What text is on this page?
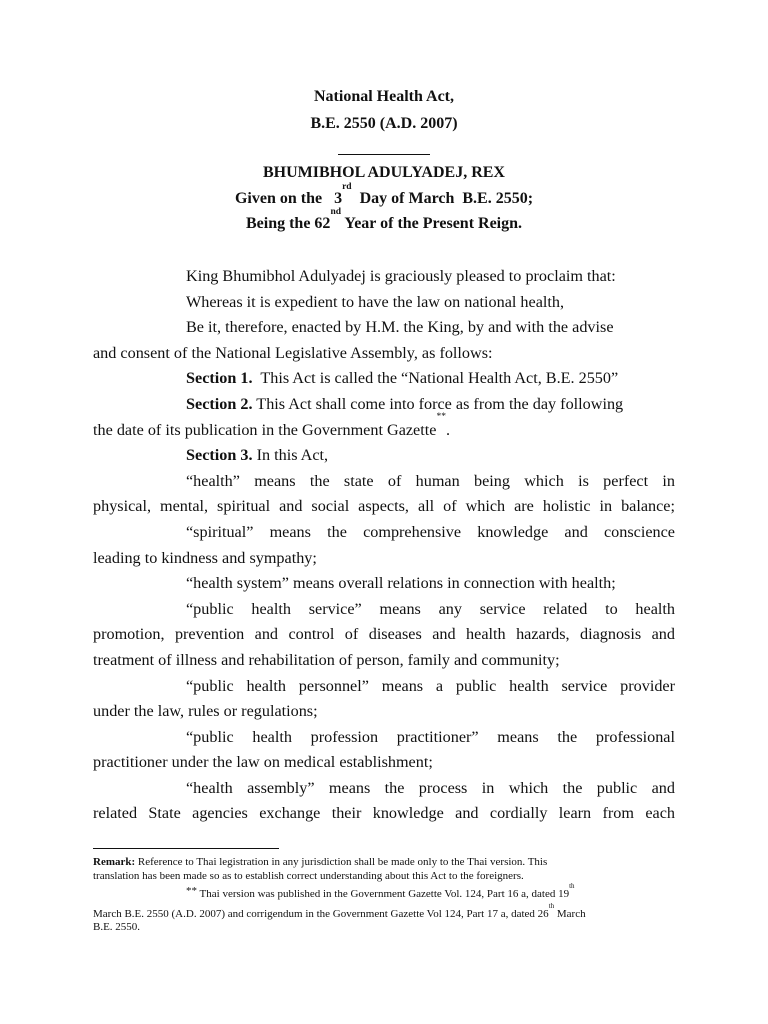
National Health Act,
B.E. 2550 (A.D. 2007)
BHUMIBHOL ADULYADEJ, REX
Given on the   3rd  Day of March  B.E. 2550;
Being the 62nd Year of the Present Reign.
King Bhumibhol Adulyadej is graciously pleased to proclaim that:
Whereas it is expedient to have the law on national health,
Be it, therefore, enacted by H.M. the King, by and with the advise
and consent of the National Legislative Assembly, as follows:
Section 1.  This Act is called the “National Health Act, B.E. 2550”
Section 2. This Act shall come into force as from the day following
the date of its publication in the Government Gazette**.
Section 3. In this Act,
“health” means the state of human being which is perfect in
physical, mental, spiritual and social aspects, all of which are holistic in balance;
“spiritual” means the comprehensive knowledge and conscience
leading to kindness and sympathy;
“health system” means overall relations in connection with health;
“public health service” means any service related to health
promotion, prevention and control of diseases and health hazards, diagnosis and
treatment of illness and rehabilitation of person, family and community;
“public health personnel” means a public health service provider
under the law, rules or regulations;
“public health profession practitioner” means the professional
practitioner under the law on medical establishment;
“health assembly” means the process in which the public and
related State agencies exchange their knowledge and cordially learn from each
Remark: Reference to Thai legistration in any jurisdiction shall be made only to the Thai version. This
translation has been made so as to establish correct understanding about this Act to the foreigners.
** Thai version was published in the Government Gazette Vol. 124, Part 16 a, dated 19th
March B.E. 2550 (A.D. 2007) and corrigendum in the Government Gazette Vol 124, Part 17 a, dated 26th March
B.E. 2550.
